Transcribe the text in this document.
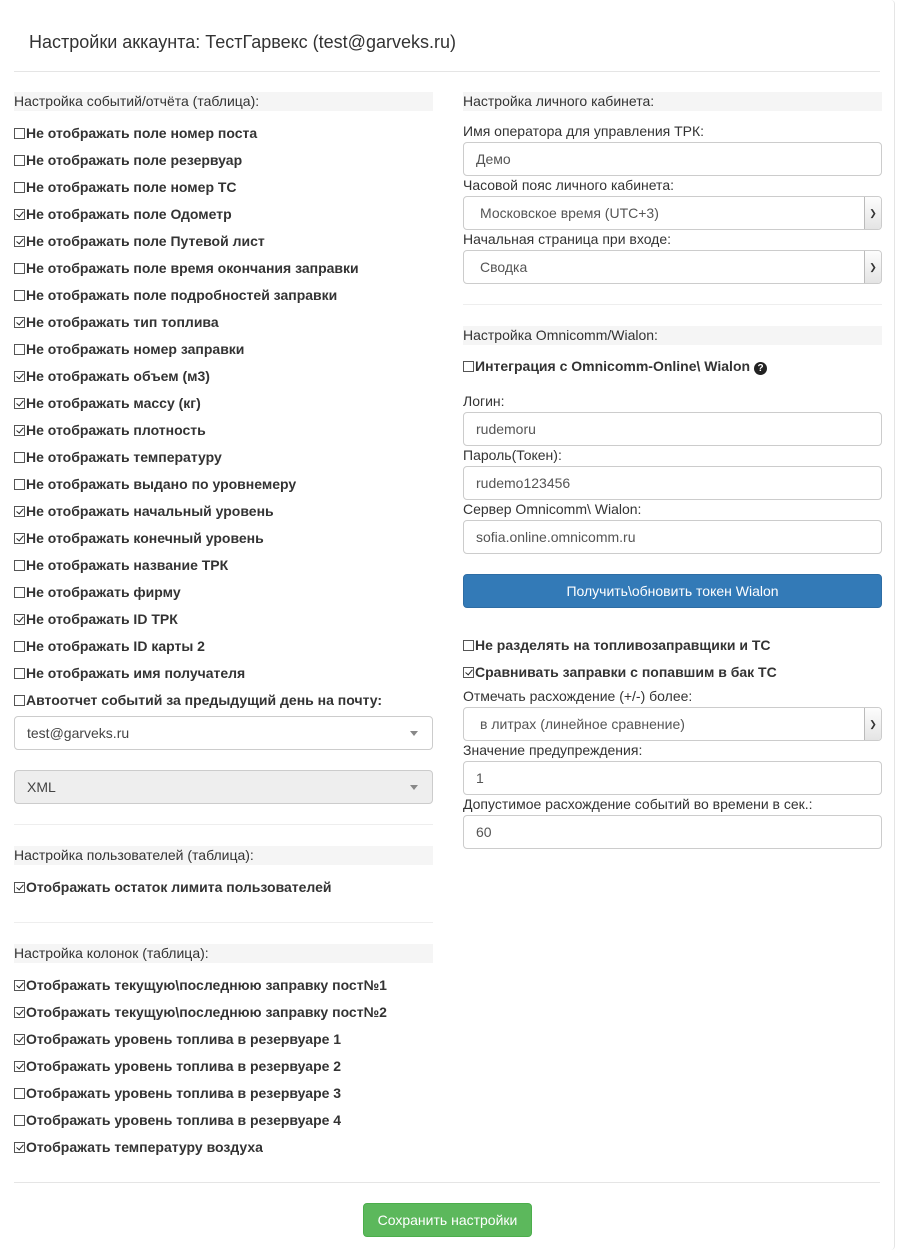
Настройки аккаунта: ТестГарвекс (test@garveks.ru)
Настройка событий/отчёта (таблица):
Не отображать поле номер поста
Не отображать поле резервуар
Не отображать поле номер ТС
Не отображать поле Одометр
Не отображать поле Путевой лист
Не отображать поле время окончания заправки
Не отображать поле подробностей заправки
Не отображать тип топлива
Не отображать номер заправки
Не отображать объем (м3)
Не отображать массу (кг)
Не отображать плотность
Не отображать температуру
Не отображать выдано по уровнемеру
Не отображать начальный уровень
Не отображать конечный уровень
Не отображать название ТРК
Не отображать фирму
Не отображать ID ТРК
Не отображать ID карты 2
Не отображать имя получателя
Автоотчет событий за предыдущий день на почту:
test@garveks.ru
XML
Настройка пользователей (таблица):
Отображать остаток лимита пользователей
Настройка колонок (таблица):
Отображать текущую\последнюю заправку пост№1
Отображать текущую\последнюю заправку пост№2
Отображать уровень топлива в резервуаре 1
Отображать уровень топлива в резервуаре 2
Отображать уровень топлива в резервуаре 3
Отображать уровень топлива в резервуаре 4
Отображать температуру воздуха
Настройка личного кабинета:
Имя оператора для управления ТРК:
Демо
Часовой пояс личного кабинета:
Московское время (UTC+3)	❯
Начальная страница при входе:
Сводка	❯
Настройка Omnicomm/Wialon:
Интеграция с Omnicomm-Online\ Wialon ?
Логин:
rudemoru
Пароль(Токен):
rudemo123456
Сервер Omnicomm\ Wialon:
sofia.online.omnicomm.ru
Получить\обновить токен Wialon
Не разделять на топливозаправщики и ТС
Сравнивать заправки с попавшим в бак ТС
Отмечать расхождение (+/-) более:
в литрах (линейное сравнение)	❯
Значение предупреждения:
1
Допустимое расхождение событий во времени в сек.:
60
Сохранить настройки
